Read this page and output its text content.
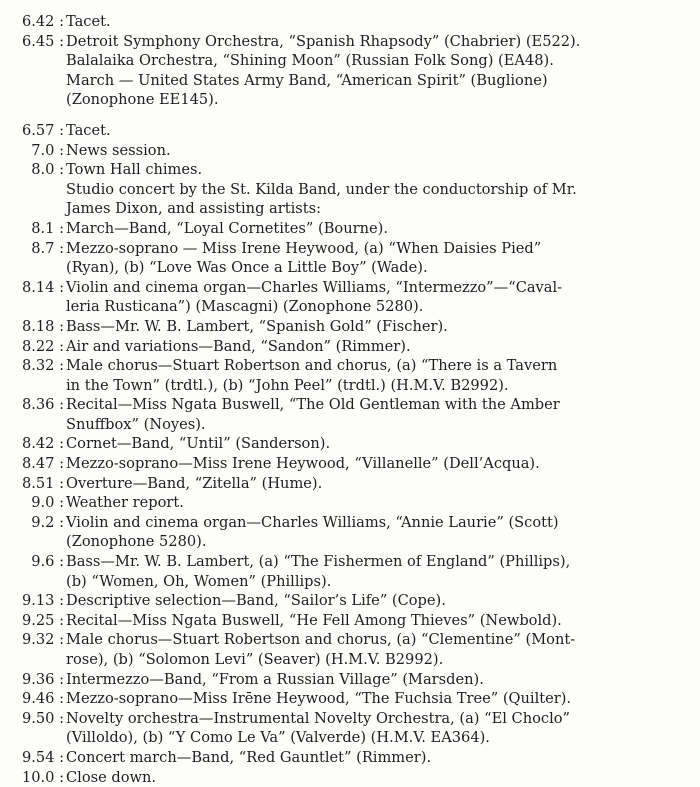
6.42 : Tacet.
6.45 : Detroit Symphony Orchestra, “Spanish Rhapsody” (Chabrier) (E522).
Balalaika Orchestra, “Shining Moon” (Russian Folk Song) (EA48).
March — United States Army Band, “American Spirit” (Buglione)
(Zonophone EE145).
6.57 : Tacet.
7.0 : News session.
8.0 : Town Hall chimes.
Studio concert by the St. Kilda Band, under the conductorship of Mr.
James Dixon, and assisting artists:
8.1 : March—Band, “Loyal Cornetites” (Bourne).
8.7 : Mezzo-soprano — Miss Irene Heywood, (a) “When Daisies Pied”
(Ryan), (b) “Love Was Once a Little Boy” (Wade).
8.14 : Violin and cinema organ—Charles Williams, “Intermezzo”—“Caval-
leria Rusticana”) (Mascagni) (Zonophone 5280).
8.18 : Bass—Mr. W. B. Lambert, “Spanish Gold” (Fischer).
8.22 : Air and variations—Band, “Sandon” (Rimmer).
8.32 : Male chorus—Stuart Robertson and chorus, (a) “There is a Tavern
in the Town” (trdtl.), (b) “John Peel” (trdtl.) (H.M.V. B2992).
8.36 : Recital—Miss Ngata Buswell, “The Old Gentleman with the Amber
Snuffbox” (Noyes).
8.42 : Cornet—Band, “Until” (Sanderson).
8.47 : Mezzo-soprano—Miss Irene Heywood, “Villanelle” (Dell’Acqua).
8.51 : Overture—Band, “Zitella” (Hume).
9.0 : Weather report.
9.2 : Violin and cinema organ—Charles Williams, “Annie Laurie” (Scott)
(Zonophone 5280).
9.6 : Bass—Mr. W. B. Lambert, (a) “The Fishermen of England” (Phillips),
(b) “Women, Oh, Women” (Phillips).
9.13 : Descriptive selection—Band, “Sailor’s Life” (Cope).
9.25 : Recital—Miss Ngata Buswell, “He Fell Among Thieves” (Newbold).
9.32 : Male chorus—Stuart Robertson and chorus, (a) “Clementine” (Mont-
rose), (b) “Solomon Levi” (Seaver) (H.M.V. B2992).
9.36 : Intermezzo—Band, “From a Russian Village” (Marsden).
9.46 : Mezzo-soprano—Miss Irēne Heywood, “The Fuchsia Tree” (Quilter).
9.50 : Novelty orchestra—Instrumental Novelty Orchestra, (a) “El Choclo”
(Villoldo), (b) “Y Como Le Va” (Valverde) (H.M.V. EA364).
9.54 : Concert march—Band, “Red Gauntlet” (Rimmer).
10.0 : Close down.
